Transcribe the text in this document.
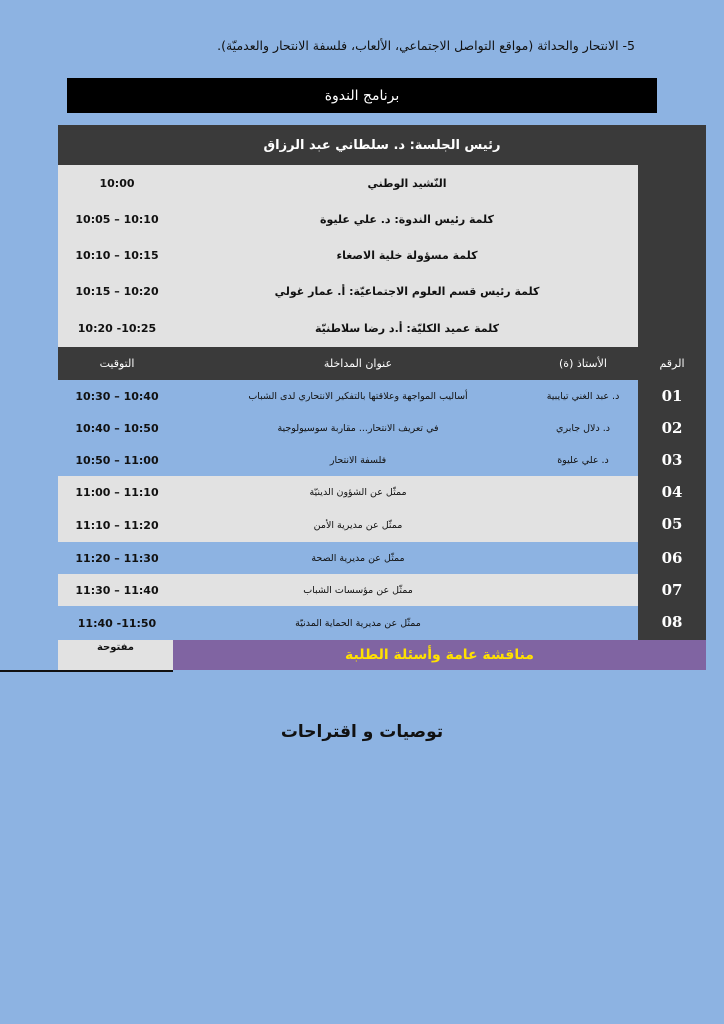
5- الانتحار والحداثة (مواقع التواصل الاجتماعي، الألعاب، فلسفة الانتحار والعدميّة).
برنامج الندوة
رئيس الجلسة: د. سلطاني عبد الرزاق
10:00	النّشيد الوطني
10:05 – 10:10	كلمة رئيس الندوة: د. علي عليوة
10:10 – 10:15	كلمة مسؤولة خلية الاصغاء
10:15 – 10:20	كلمة رئيس قسم العلوم الاجتماعيّة: أ. عمار غولي
10:20 -10:25	كلمة عميد الكليّة: أ.د رضا سلاطنيّة
التوقيت	عنوان المداخلة	الأستاذ (ة)	الرقم
10:30 – 10:40	أساليب المواجهة وعلاقتها بالتفكير الانتحاري لدى الشباب	د. عبد الغني تيايبية	01
10:40 – 10:50	في تعريف الانتحار... مقاربة سوسيولوجية	د. دلال جابري	02
10:50 – 11:00	فلسفة الانتحار	د. علي عليوة	03
11:00 – 11:10	ممثّل عن الشؤون الدينيّة	04
11:10 – 11:20	ممثّل عن مديرية الأمن	05
11:20 – 11:30	ممثّل عن مديرية الصحة	06
11:30 – 11:40	ممثّل عن مؤسسات الشباب	07
11:40 -11:50	ممثّل عن مديرية الحماية المدنيّة	08
مفتوحة	مناقشة عامة وأسئلة الطلبة
توصيات و اقتراحات
